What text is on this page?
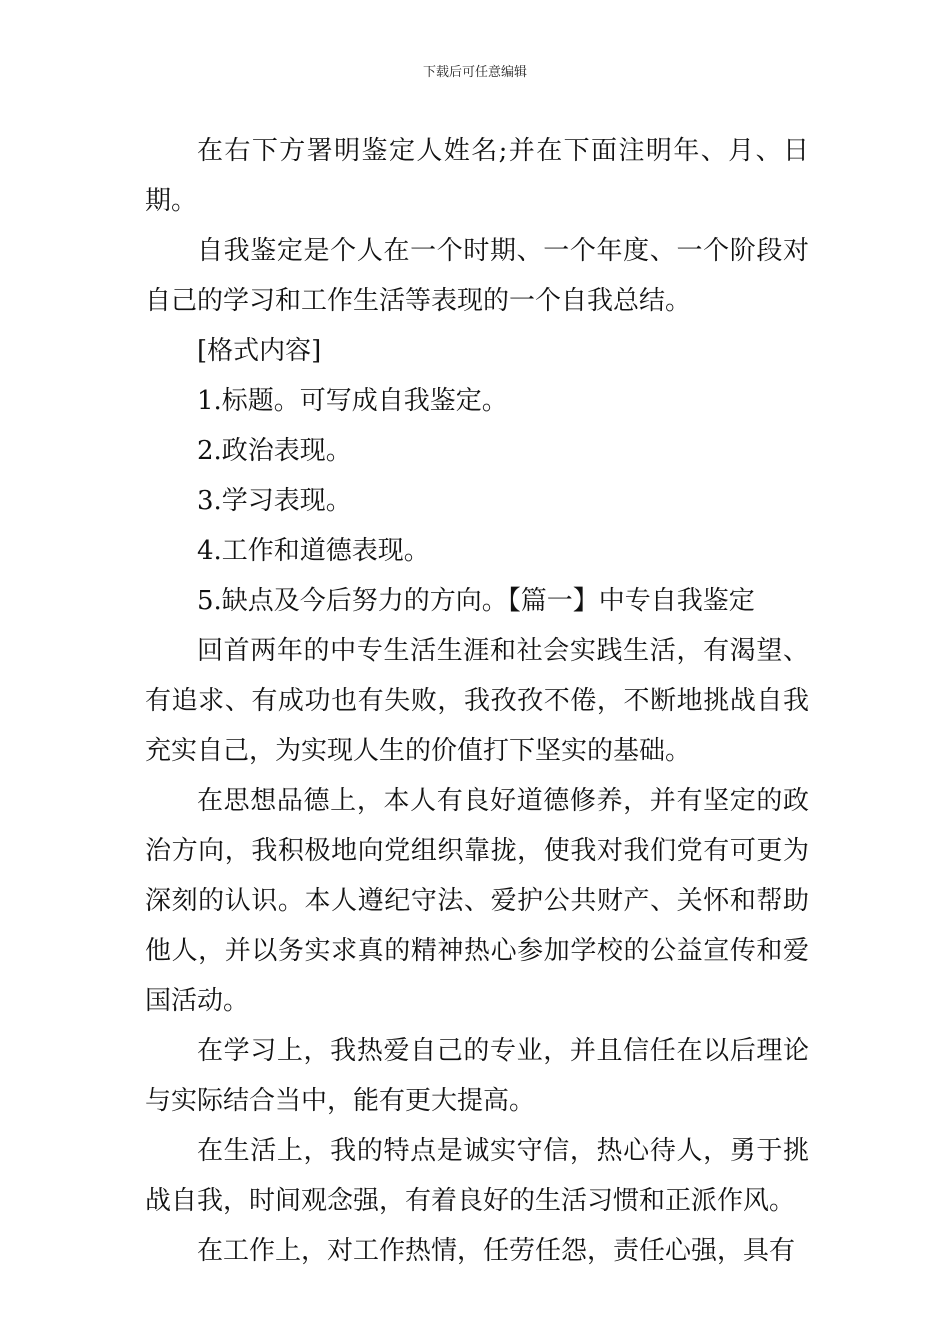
下载后可任意编辑

在右下方署明鉴定人姓名;并在下面注明年、月、日期。

自我鉴定是个人在一个时期、一个年度、一个阶段对自己的学习和工作生活等表现的一个自我总结。

[格式内容]

1.标题。可写成自我鉴定。

2.政治表现。

3.学习表现。

4.工作和道德表现。

5.缺点及今后努力的方向。【篇一】中专自我鉴定

回首两年的中专生活生涯和社会实践生活，有渴望、有追求、有成功也有失败，我孜孜不倦，不断地挑战自我充实自己，为实现人生的价值打下坚实的基础。

在思想品德上，本人有良好道德修养，并有坚定的政治方向，我积极地向党组织靠拢，使我对我们党有可更为深刻的认识。本人遵纪守法、爱护公共财产、关怀和帮助他人，并以务实求真的精神热心参加学校的公益宣传和爱国活动。

在学习上，我热爱自己的专业，并且信任在以后理论与实际结合当中，能有更大提高。

在生活上，我的特点是诚实守信，热心待人，勇于挑战自我，时间观念强，有着良好的生活习惯和正派作风。

在工作上，对工作热情，任劳任怨，责任心强，具有
